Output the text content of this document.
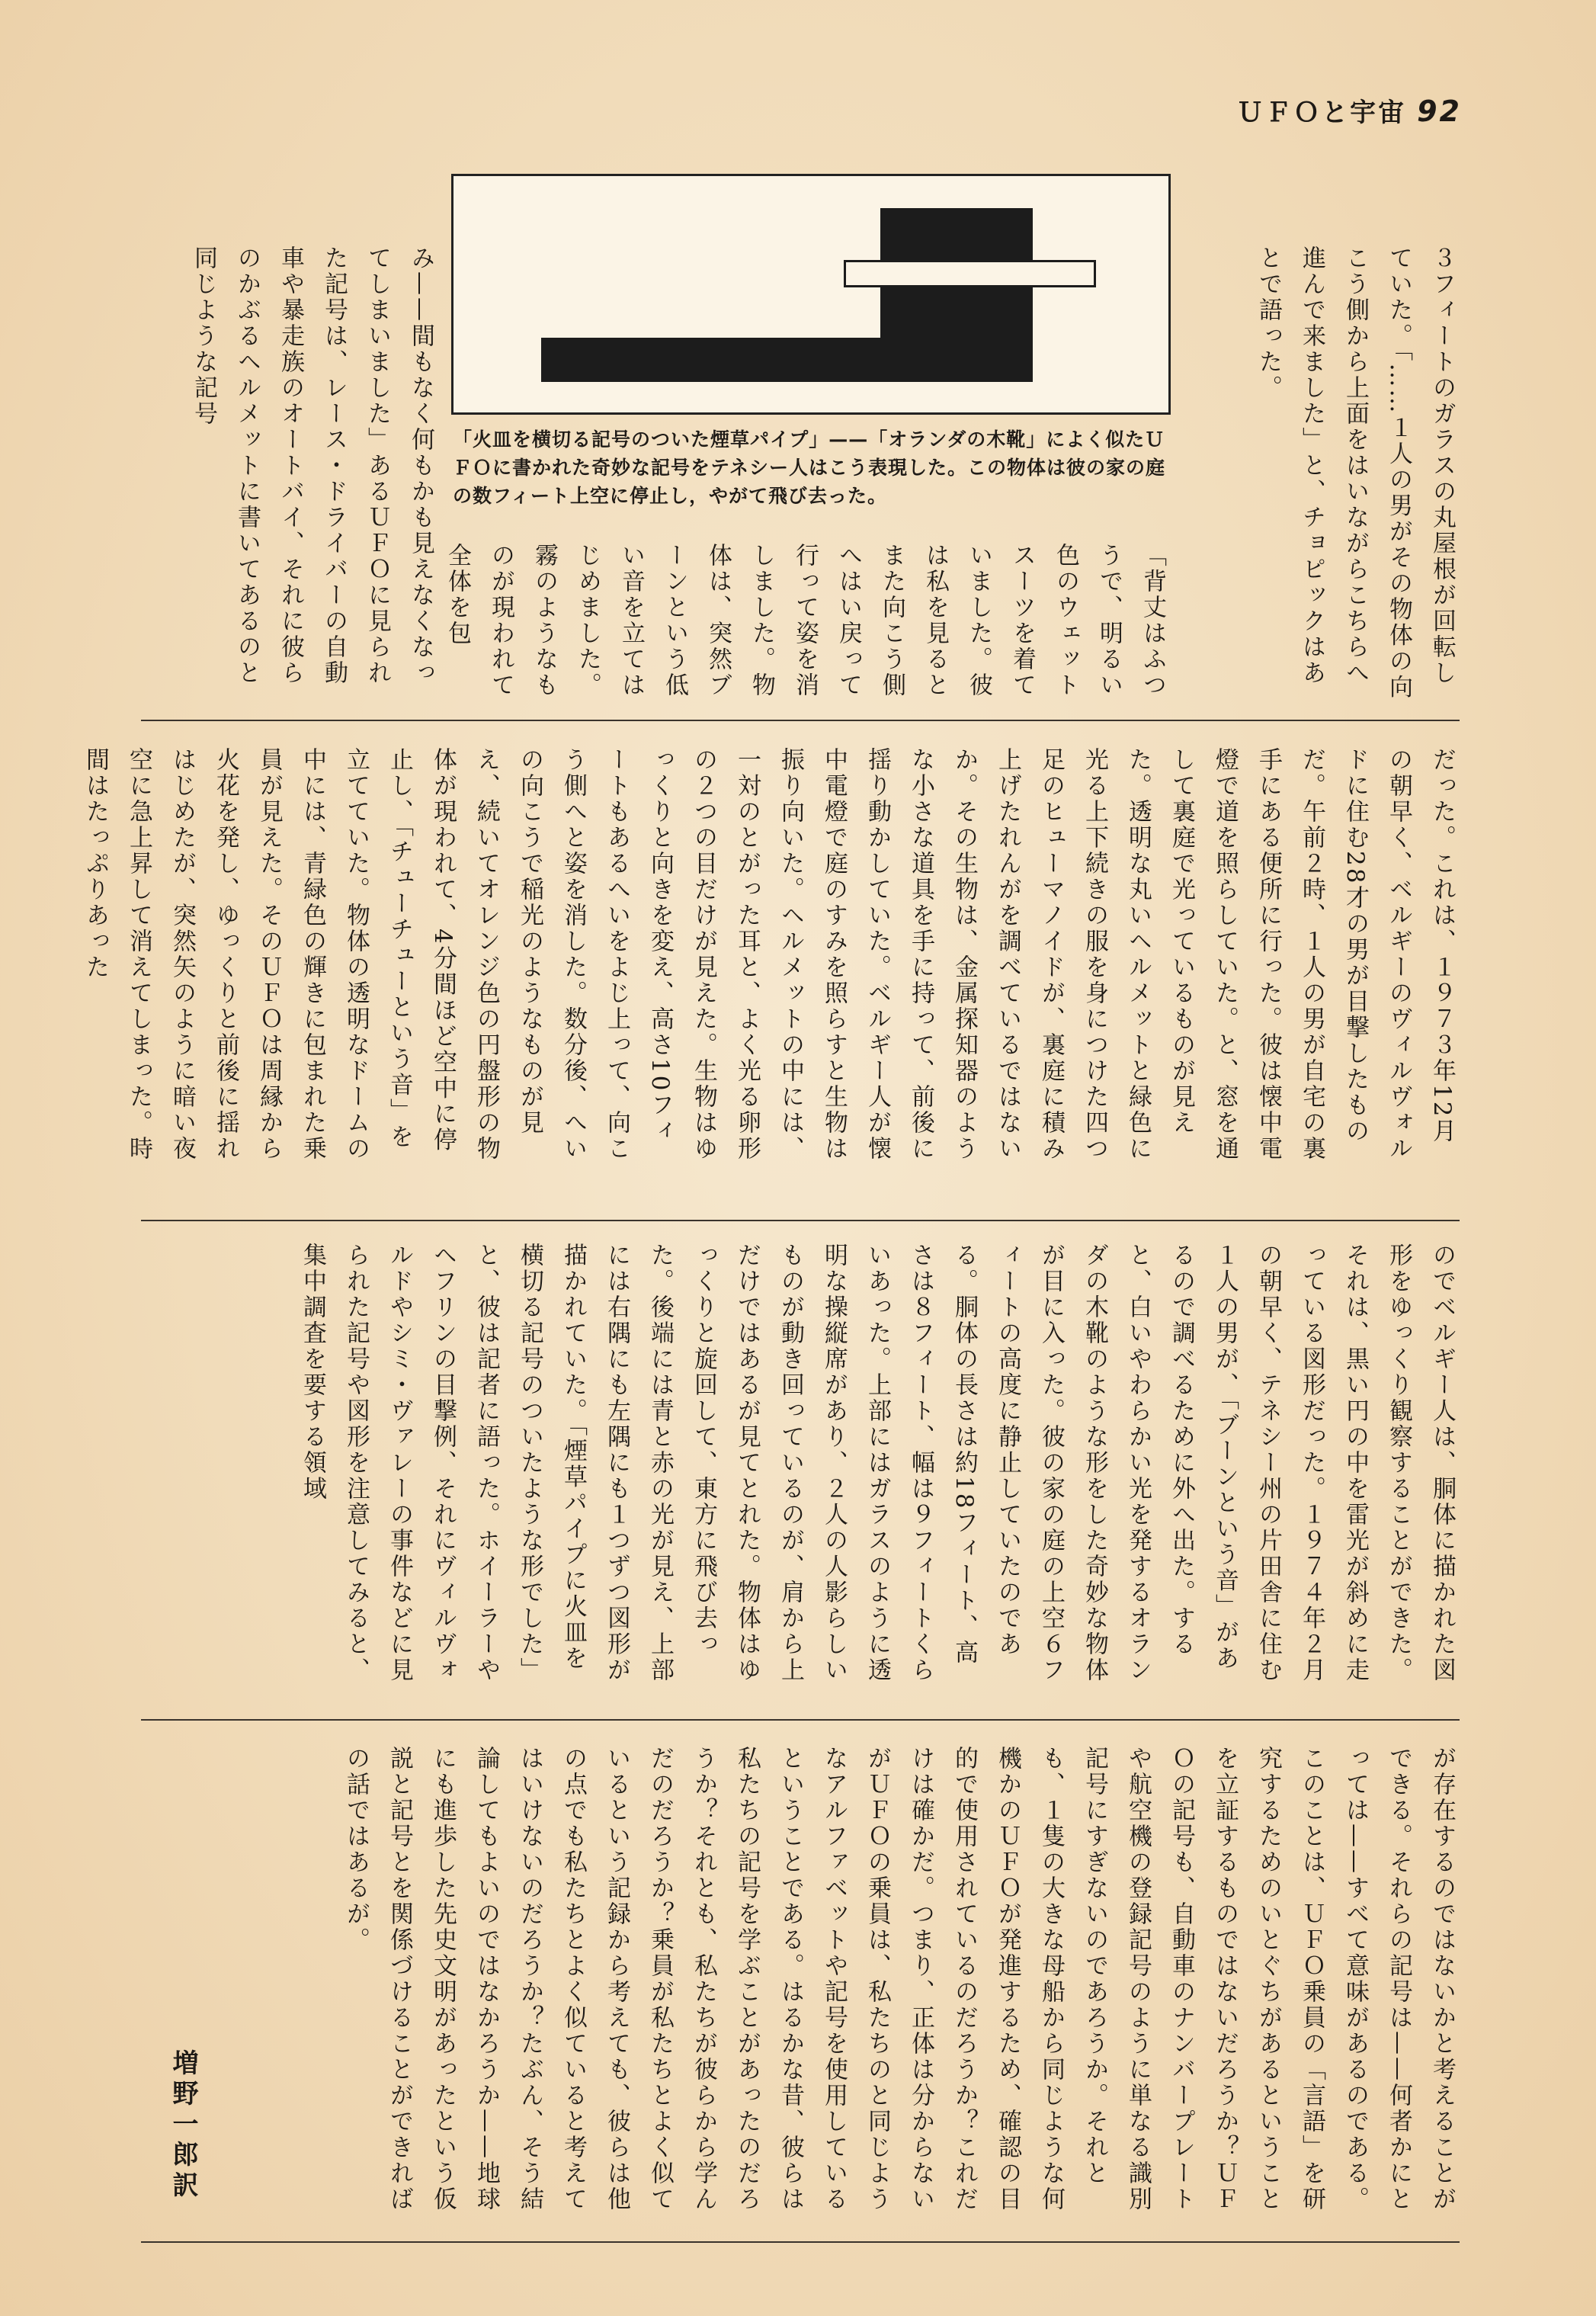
ＵＦＯと宇宙 92

３フィートのガラスの丸屋根が回転していた。「……１人の男がその物体の向こう側から上面をはいながらこちらへ進んで来ました」と、チョピックはあとで語った。

「火皿を横切る記号のついた煙草パイプ」——「オランダの木靴」によく似たＵＦＯに書かれた奇妙な記号をテネシー人はこう表現した。この物体は彼の家の庭の数フィート上空に停止し，やがて飛び去った。

「背丈はふつうで、明るい色のウェットスーツを着ていました。彼は私を見るとまた向こう側へはい戻って行って姿を消しました。物体は、突然ブーンという低い音を立てはじめました。霧のようなものが現われて全体を包

み——間もなく何もかも見えなくなってしまいました」あるＵＦＯに見られた記号は、レース・ドライバーの自動車や暴走族のオートバイ、それに彼らのかぶるヘルメットに書いてあるのと同じような記号

だった。これは、１９７３年12月の朝早く、ベルギーのヴィルヴォルドに住む28才の男が目撃したものだ。午前２時、１人の男が自宅の裏手にある便所に行った。彼は懐中電燈で道を照らしていた。と、窓を通して裏庭で光っているものが見えた。透明な丸いヘルメットと緑色に光る上下続きの服を身につけた四つ足のヒューマノイドが、裏庭に積み上げたれんがを調べているではないか。その生物は、金属探知器のような小さな道具を手に持って、前後に揺り動かしていた。ベルギー人が懐中電燈で庭のすみを照らすと生物は振り向いた。ヘルメットの中には、一対のとがった耳と、よく光る卵形の２つの目だけが見えた。生物はゆっくりと向きを変え、高さ10フィートもあるへいをよじ上って、向こう側へと姿を消した。数分後、へいの向こうで稲光のようなものが見え、続いてオレンジ色の円盤形の物体が現われて、4分間ほど空中に停止し、「チューチューという音」を立てていた。物体の透明なドームの中には、青緑色の輝きに包まれた乗員が見えた。そのＵＦＯは周縁から火花を発し、ゆっくりと前後に揺れはじめたが、突然矢のように暗い夜空に急上昇して消えてしまった。時間はたっぷりあった

のでベルギー人は、胴体に描かれた図形をゆっくり観察することができた。それは、黒い円の中を雷光が斜めに走っている図形だった。１９７４年２月の朝早く、テネシー州の片田舎に住む１人の男が、「ブーンという音」があるので調べるために外へ出た。すると、白いやわらかい光を発するオランダの木靴のような形をした奇妙な物体が目に入った。彼の家の庭の上空６フィートの高度に静止していたのである。胴体の長さは約18フィート、高さは８フィート、幅は９フィートくらいあった。上部にはガラスのように透明な操縦席があり、２人の人影らしいものが動き回っているのが、肩から上だけではあるが見てとれた。物体はゆっくりと旋回して、東方に飛び去った。後端には青と赤の光が見え、上部には右隅にも左隅にも１つずつ図形が描かれていた。「煙草パイプに火皿を横切る記号のついたような形でした」と、彼は記者に語った。ホイーラーやヘフリンの目撃例、それにヴィルヴォルドやシミ・ヴァレーの事件などに見られた記号や図形を注意してみると、集中調査を要する領域

が存在するのではないかと考えることができる。それらの記号は——何者かにとっては——すべて意味があるのである。このことは、ＵＦＯ乗員の「言語」を研究するためのいとぐちがあるということを立証するものではないだろうか？ＵＦＯの記号も、自動車のナンバープレートや航空機の登録記号のように単なる識別記号にすぎないのであろうか。それとも、１隻の大きな母船から同じような何機かのＵＦＯが発進するため、確認の目的で使用されているのだろうか？これだけは確かだ。つまり、正体は分からないがＵＦＯの乗員は、私たちのと同じようなアルファベットや記号を使用しているということである。はるかな昔、彼らは私たちの記号を学ぶことがあったのだろうか？それとも、私たちが彼らから学んだのだろうか？乗員が私たちとよく似ているという記録から考えても、彼らは他の点でも私たちとよく似ていると考えてはいけないのだろうか？たぶん、そう結論してもよいのではなかろうか——地球にも進歩した先史文明があったという仮説と記号とを関係づけることができればの話ではあるが。

増野一郎訳
